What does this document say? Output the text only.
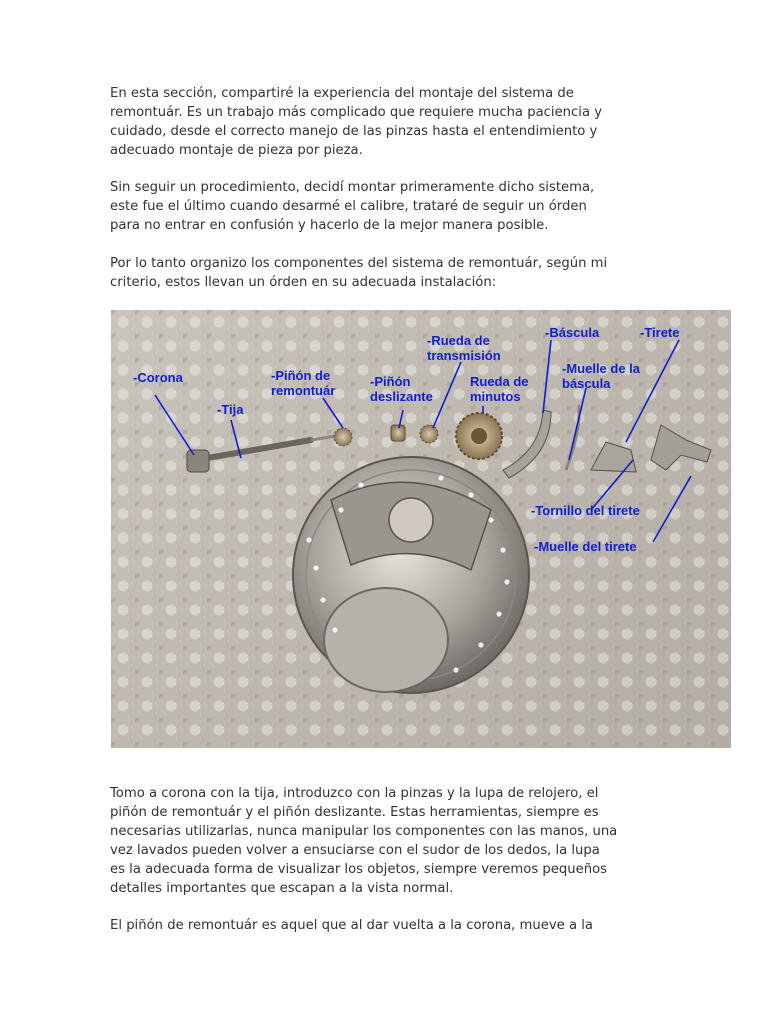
En esta sección, compartiré la experiencia del montaje del sistema de
remontuár. Es un trabajo más complicado que requiere mucha paciencia y
cuidado, desde el correcto manejo de las pinzas hasta el entendimiento y
adecuado montaje de pieza por pieza.

Sin seguir un procedimiento, decidí montar primeramente dicho sistema,
este fue el último cuando desarmé el calibre, trataré de seguir un órden
para no entrar en confusión y hacerlo de la mejor manera posible.

Por lo tanto organizo los componentes del sistema de remontuár, según mi
criterio, estos llevan un órden en su adecuada instalación:

-Corona
-Tija
-Piñón de
remontuár
-Piñón
deslizante
-Rueda de
transmisión
Rueda de
minutos
-Báscula
-Muelle de la
báscula
-Tirete
-Tornillo del tirete
-Muelle del tirete

Tomo a corona con la tija, introduzco con la pinzas y la lupa de relojero, el
piñón de remontuár y el piñón deslizante. Estas herramientas, siempre es
necesarias utilizarlas, nunca manipular los componentes con las manos, una
vez lavados pueden volver a ensuciarse con el sudor de los dedos, la lupa
es la adecuada forma de visualizar los objetos, siempre veremos pequeños
detalles importantes que escapan a la vista normal.

El piñón de remontuár es aquel que al dar vuelta a la corona, mueve a la
